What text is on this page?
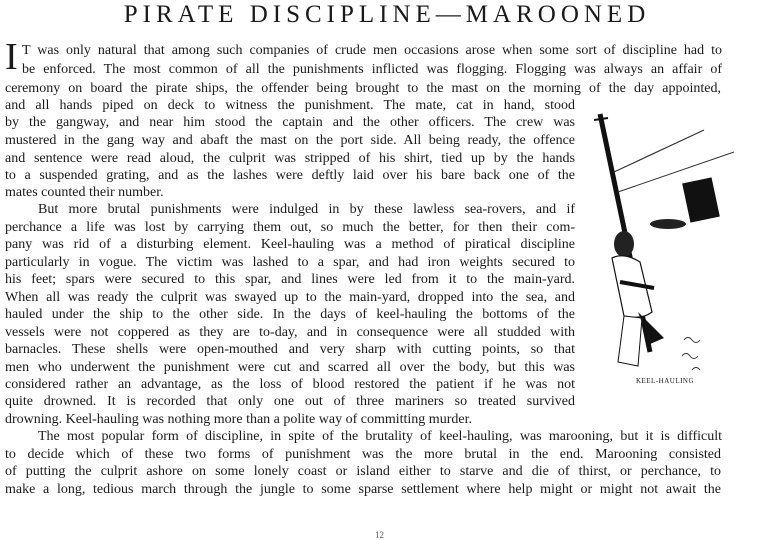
PIRATE DISCIPLINE—MAROONED
I T was only natural that among such companies of crude men occasions arose when some sort of discipline had to
be enforced. The most common of all the punishments inflicted was flogging. Flogging was always an affair of
ceremony on board the pirate ships, the offender being brought to the mast on the morning of the day appointed,
and all hands piped on deck to witness the punishment. The mate, cat in hand, stood
by the gangway, and near him stood the captain and the other officers. The crew was
mustered in the gang way and abaft the mast on the port side. All being ready, the offence
and sentence were read aloud, the culprit was stripped of his shirt, tied up by the hands
to a suspended grating, and as the lashes were deftly laid over his bare back one of the
mates counted their number.
But more brutal punishments were indulged in by these lawless sea-rovers, and if
perchance a life was lost by carrying them out, so much the better, for then their com-
pany was rid of a disturbing element. Keel-hauling was a method of piratical discipline
particularly in vogue. The victim was lashed to a spar, and had iron weights secured to
his feet; spars were secured to this spar, and lines were led from it to the main-yard.
When all was ready the culprit was swayed up to the main-yard, dropped into the sea, and
hauled under the ship to the other side. In the days of keel-hauling the bottoms of the
vessels were not coppered as they are to-day, and in consequence were all studded with
barnacles. These shells were open-mouthed and very sharp with cutting points, so that
men who underwent the punishment were cut and scarred all over the body, but this was
considered rather an advantage, as the loss of blood restored the patient if he was not
quite drowned. It is recorded that only one out of three mariners so treated survived
drowning. Keel-hauling was nothing more than a polite way of committing murder.
The most popular form of discipline, in spite of the brutality of keel-hauling, was marooning, but it is difficult
to decide which of these two forms of punishment was the more brutal in the end. Marooning consisted
of putting the culprit ashore on some lonely coast or island either to starve and die of thirst, or perchance, to
make a long, tedious march through the jungle to some sparse settlement where help might or might not await the
KEEL-HAULING
12
